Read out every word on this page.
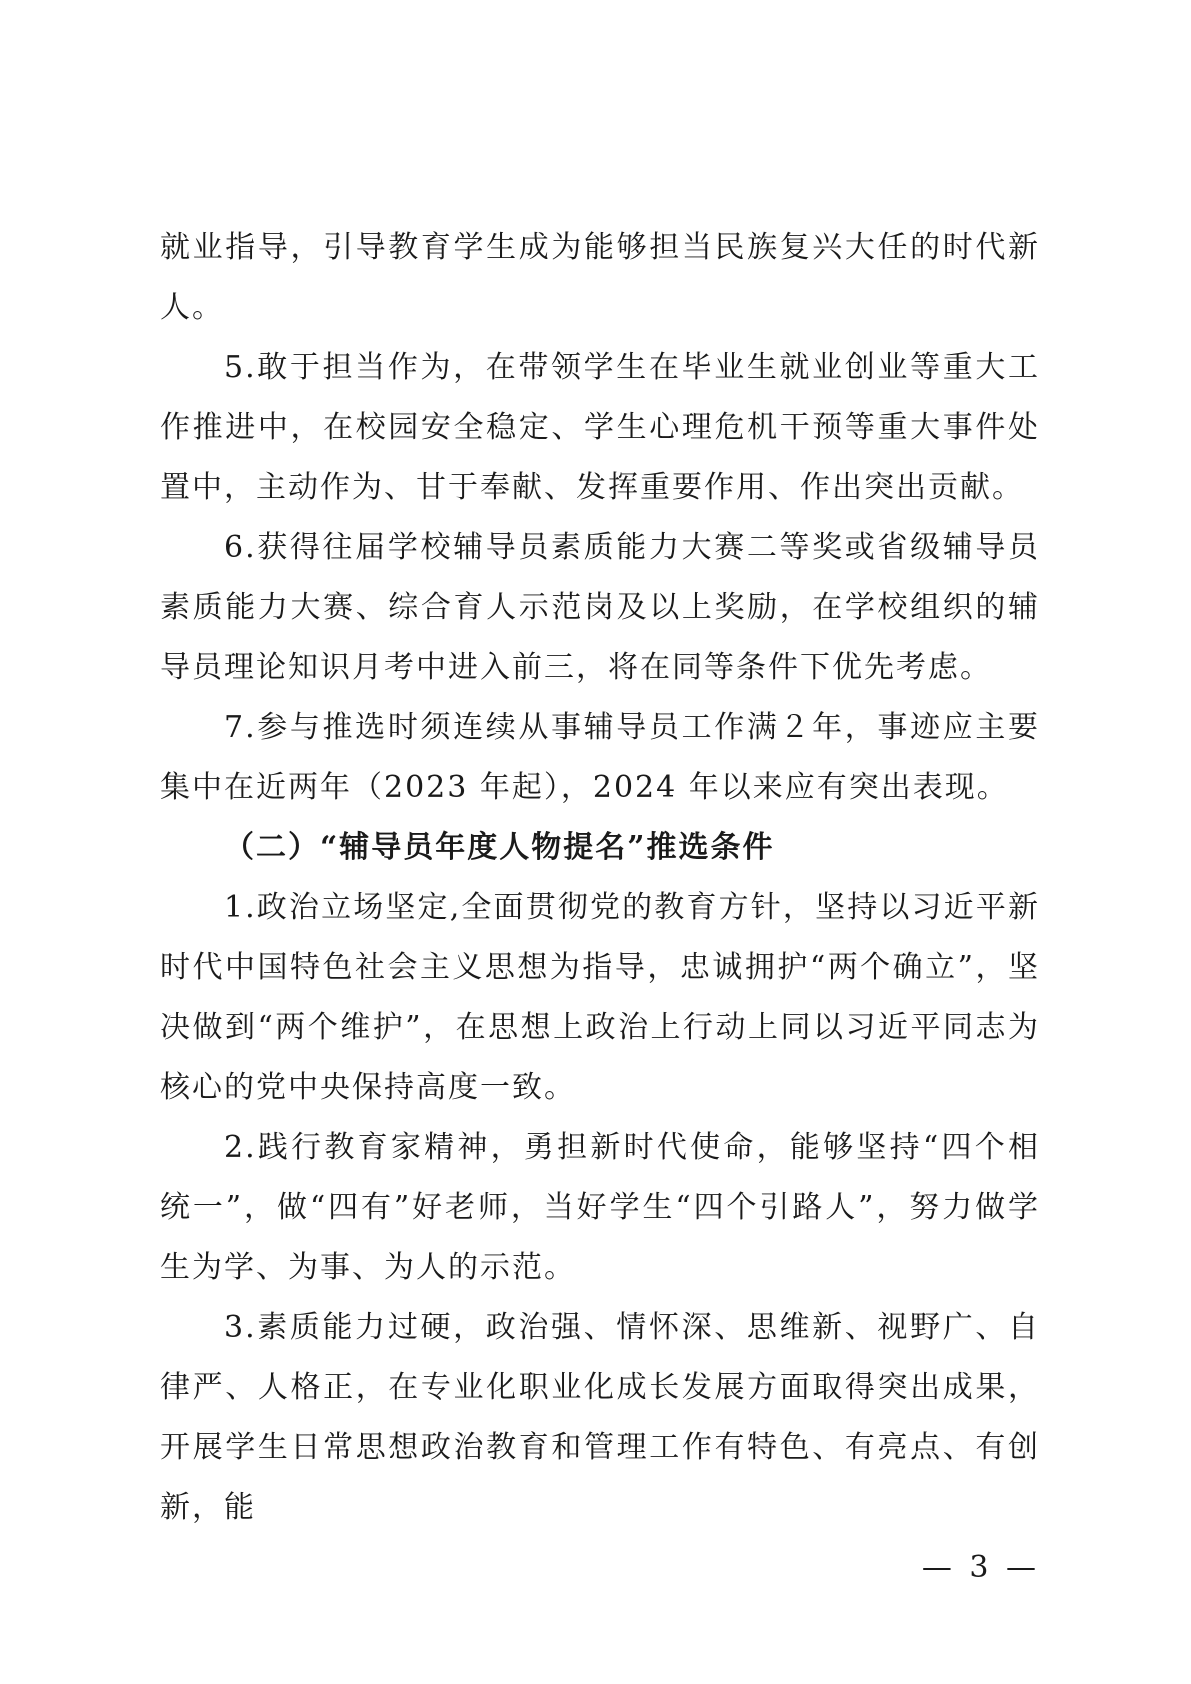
就业指导，引导教育学生成为能够担当民族复兴大任的时代新人。

5.敢于担当作为，在带领学生在毕业生就业创业等重大工作推进中，在校园安全稳定、学生心理危机干预等重大事件处置中，主动作为、甘于奉献、发挥重要作用、作出突出贡献。

6.获得往届学校辅导员素质能力大赛二等奖或省级辅导员素质能力大赛、综合育人示范岗及以上奖励，在学校组织的辅导员理论知识月考中进入前三，将在同等条件下优先考虑。

7.参与推选时须连续从事辅导员工作满２年，事迹应主要集中在近两年（2023 年起），2024 年以来应有突出表现。

（二）“辅导员年度人物提名”推选条件

1.政治立场坚定,全面贯彻党的教育方针，坚持以习近平新时代中国特色社会主义思想为指导，忠诚拥护“两个确立”，坚决做到“两个维护”，在思想上政治上行动上同以习近平同志为核心的党中央保持高度一致。

2.践行教育家精神，勇担新时代使命，能够坚持“四个相统一”，做“四有”好老师，当好学生“四个引路人”，努力做学生为学、为事、为人的示范。

3.素质能力过硬，政治强、情怀深、思维新、视野广、自律严、人格正，在专业化职业化成长发展方面取得突出成果，开展学生日常思想政治教育和管理工作有特色、有亮点、有创新，能

— 3 —
